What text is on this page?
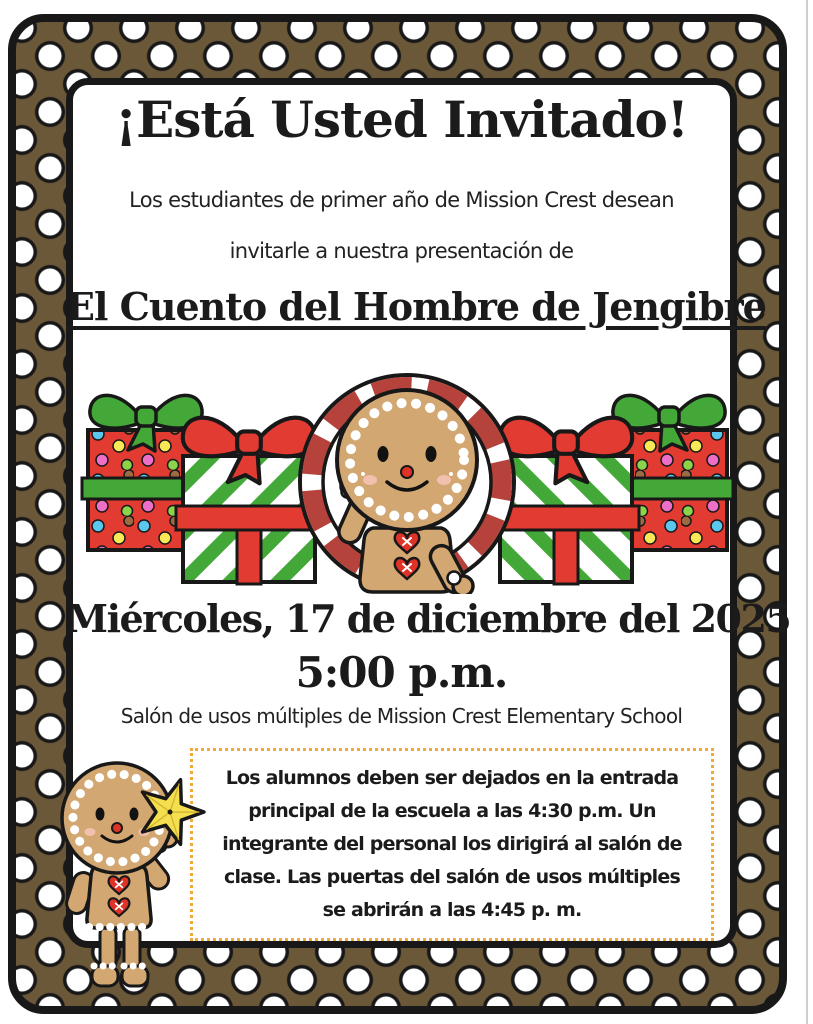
¡Está Usted Invitado!
Los estudiantes de primer año de Mission Crest desean
invitarle a nuestra presentación de
El Cuento del Hombre de Jengibre
Miércoles, 17 de diciembre del 2025
5:00 p.m.
Salón de usos múltiples de Mission Crest Elementary School
Los alumnos deben ser dejados en la entrada
principal de la escuela a las 4:30 p.m. Un
integrante del personal los dirigirá al salón de
clase. Las puertas del salón de usos múltiples
se abrirán a las 4:45 p. m.
